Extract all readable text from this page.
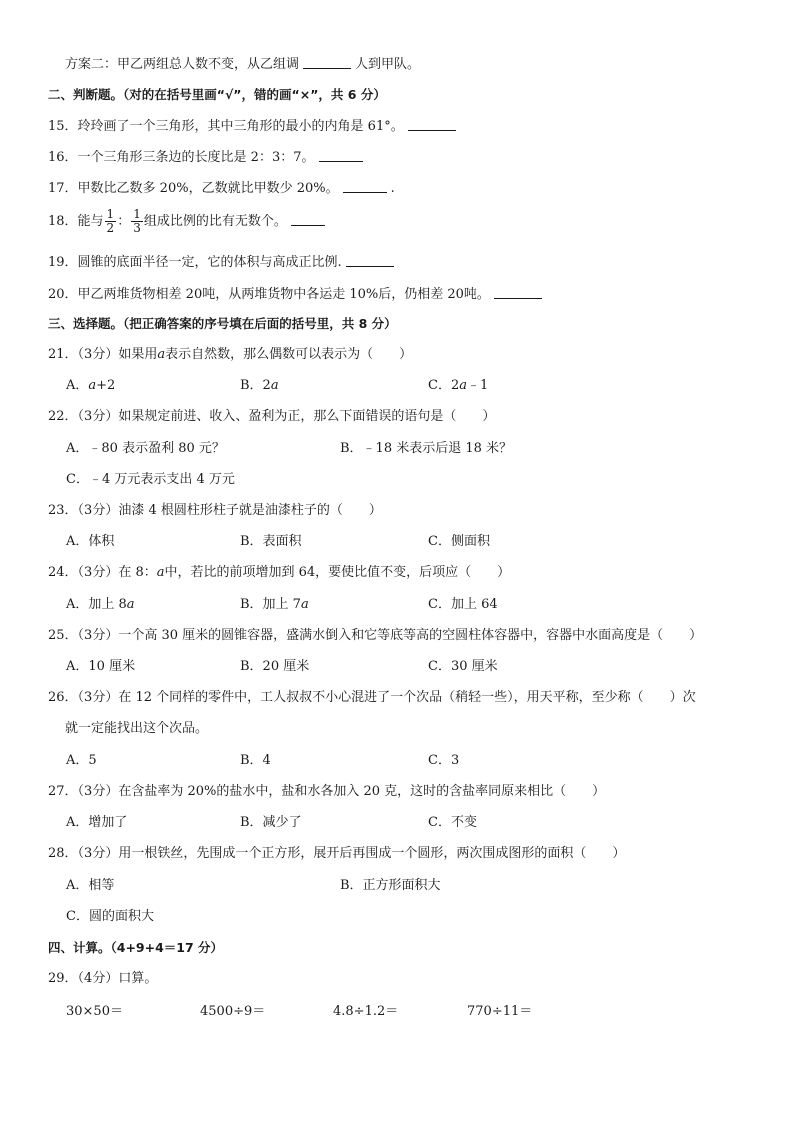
方案二：甲乙两组总人数不变，从乙组调	人到甲队。
二、判断题。（对的在括号里画“√”，错的画“×”，共 6 分）
15．玲玲画了一个三角形，其中三角形的最小的内角是 61°。
16．一个三角形三条边的长度比是 2：3：7。
17．甲数比乙数多 20%，乙数就比甲数少 20%。	.
18．能与 $\frac{1}{2}$ ： $\frac{1}{3}$ 组成比例的比有无数个。
19．圆锥的底面半径一定，它的体积与高成正比例.
20．甲乙两堆货物相差 20吨，从两堆货物中各运走 10%后，仍相差 20吨。
三、选择题。（把正确答案的序号填在后面的括号里，共 8 分）
21．（3分）如果用a表示自然数，那么偶数可以表示为（　　）
A．a+2	B．2a	C．2a﹣1
22．（3分）如果规定前进、收入、盈利为正，那么下面错误的语句是（　　）
A．﹣80 表示盈利 80 元？	B．﹣18 米表示后退 18 米？
C．﹣4 万元表示支出 4 万元
23．（3分）油漆 4 根圆柱形柱子就是油漆柱子的（　　）
A．体积	B．表面积	C．侧面积
24．（3分）在 8：a中，若比的前项增加到 64，要使比值不变，后项应（　　）
A．加上 8a	B．加上 7a	C．加上 64
25．（3分）一个高 30 厘米的圆锥容器，盛满水倒入和它等底等高的空圆柱体容器中，容器中水面高度是（　　）
A．10 厘米	B．20 厘米	C．30 厘米
26．（3分）在 12 个同样的零件中，工人叔叔不小心混进了一个次品（稍轻一些），用天平称，至少称（　　）次
就一定能找出这个次品。
A．5	B．4	C．3
27．（3分）在含盐率为 20%的盐水中，盐和水各加入 20 克，这时的含盐率同原来相比（　　）
A．增加了	B．减少了	C．不变
28．（3分）用一根铁丝，先围成一个正方形，展开后再围成一个圆形，两次围成图形的面积（　　）
A．相等	B．正方形面积大
C．圆的面积大
四、计算。（4+9+4＝17 分）
29．（4分）口算。
30×50＝	4500÷9＝	4.8÷1.2＝	770÷11＝
